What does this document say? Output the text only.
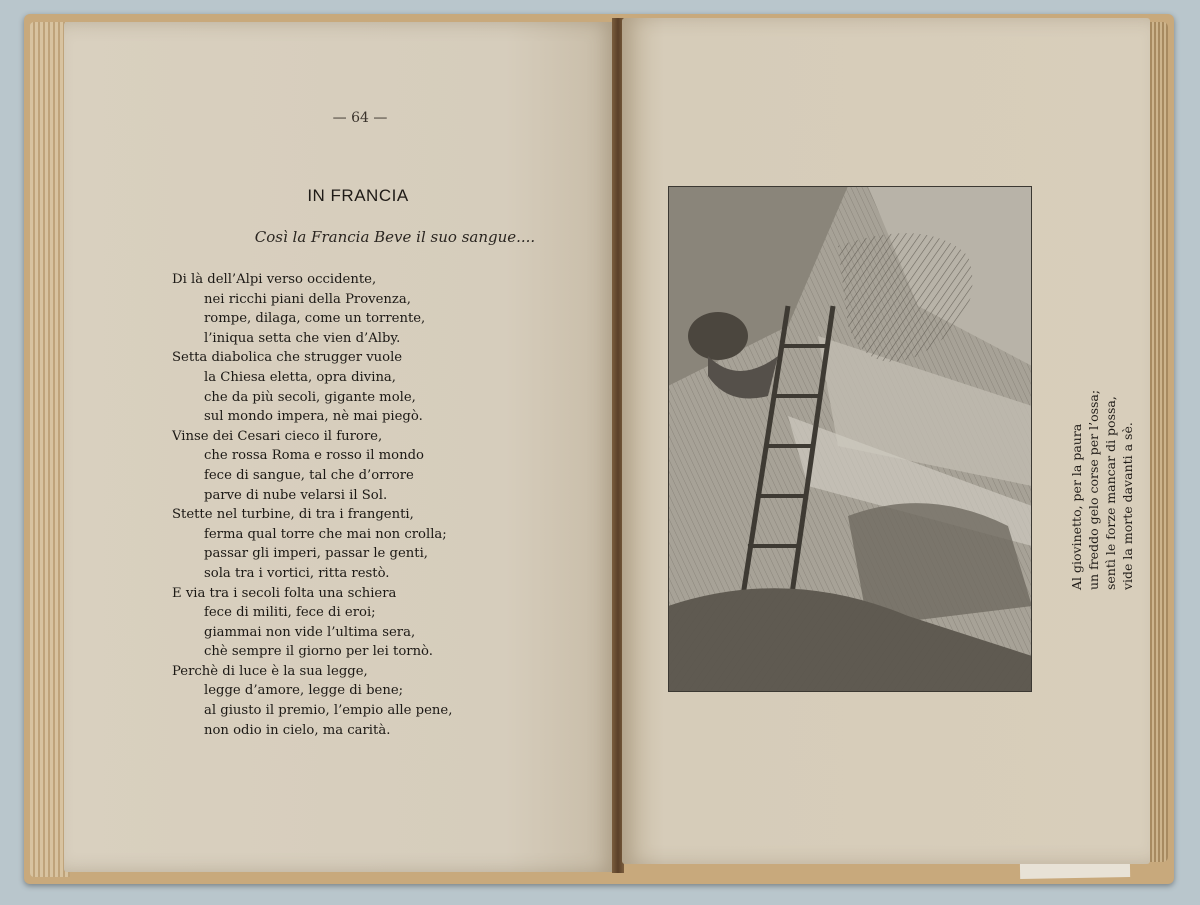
— 64 —
IN FRANCIA
Così la Francia Beve il suo sangue....
Di là dell’Alpi verso occidente,
nei ricchi piani della Provenza,
rompe, dilaga, come un torrente,
l’iniqua setta che vien d’Alby.
Setta diabolica che strugger vuole
la Chiesa eletta, opra divina,
che da più secoli, gigante mole,
sul mondo impera, nè mai piegò.
Vinse dei Cesari cieco il furore,
che rossa Roma e rosso il mondo
fece di sangue, tal che d’orrore
parve di nube velarsi il Sol.
Stette nel turbine, di tra i frangenti,
ferma qual torre che mai non crolla;
passar gli imperi, passar le genti,
sola tra i vortici, ritta restò.
E via tra i secoli folta una schiera
fece di militi, fece di eroi;
giammai non vide l’ultima sera,
chè sempre il giorno per lei tornò.
Perchè di luce è la sua legge,
legge d’amore, legge di bene;
al giusto il premio, l’empio alle pene,
non odio in cielo, ma carità.
Al giovinetto, per la paura un freddo gelo corse per l’ossa; sentì le forze mancar di possa, vide la morte davanti a sè.
